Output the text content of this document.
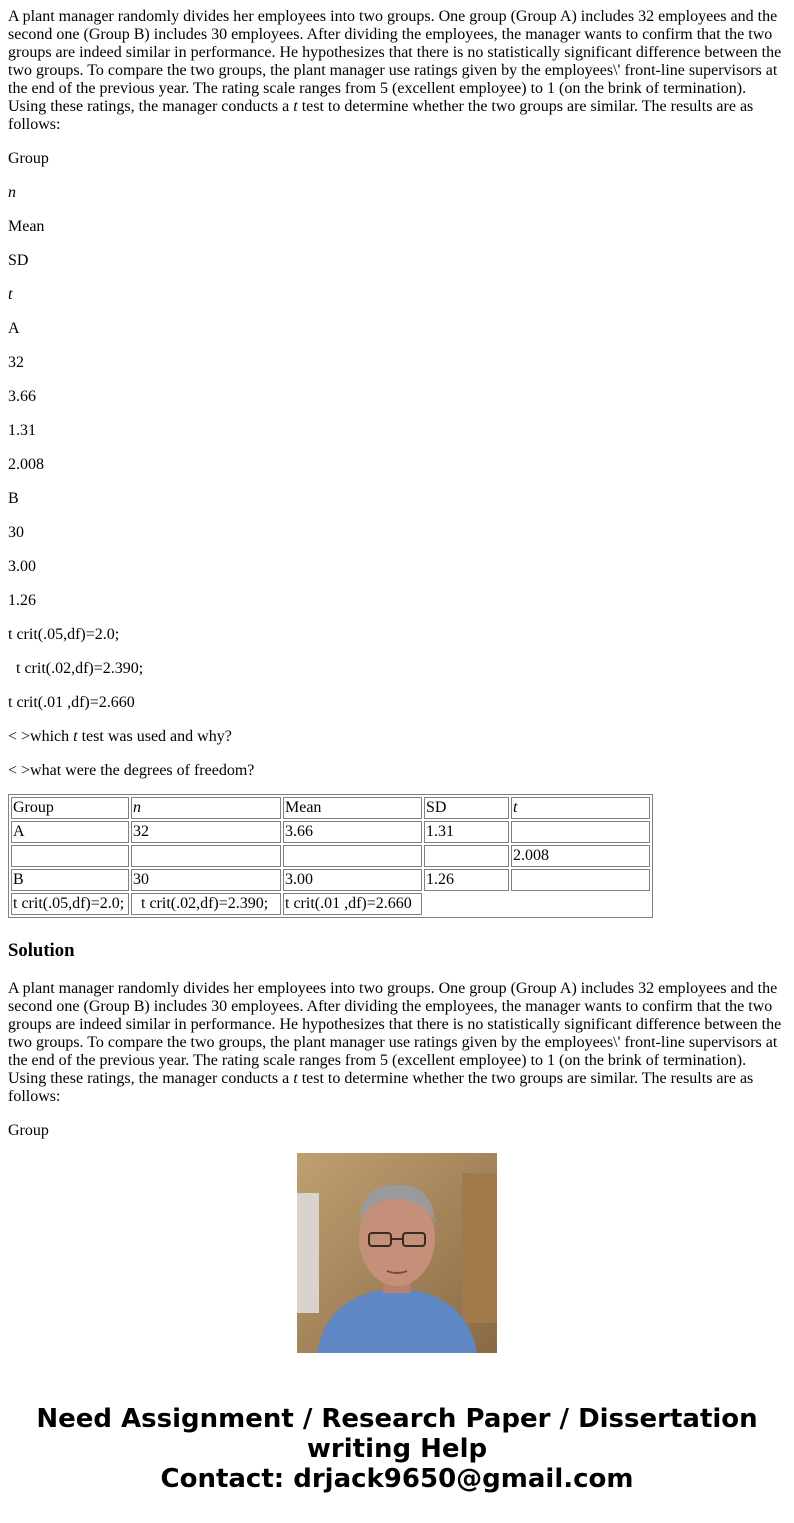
A plant manager randomly divides her employees into two groups. One group (Group A) includes 32 employees and the second one (Group B) includes 30 employees. After dividing the employees, the manager wants to confirm that the two groups are indeed similar in performance. He hypothesizes that there is no statistically significant difference between the two groups. To compare the two groups, the plant manager use ratings given by the employees\' front-line supervisors at the end of the previous year. The rating scale ranges from 5 (excellent employee) to 1 (on the brink of termination). Using these ratings, the manager conducts a t test to determine whether the two groups are similar. The results are as follows:

Group
n
Mean
SD
t
A
32
3.66
1.31
2.008
B
30
3.00
1.26
t crit(.05,df)=2.0;
t crit(.02,df)=2.390;
t crit(.01 ,df)=2.660
< >which t test was used and why?
< >what were the degrees of freedom?
Group	n	Mean	SD	t
A	32	3.66	1.31	
				2.008
B	30	3.00	1.26	
t crit(.05,df)=2.0;	t crit(.02,df)=2.390;	t crit(.01 ,df)=2.660		
Solution

A plant manager randomly divides her employees into two groups. One group (Group A) includes 32 employees and the second one (Group B) includes 30 employees. After dividing the employees, the manager wants to confirm that the two groups are indeed similar in performance. He hypothesizes that there is no statistically significant difference between the two groups. To compare the two groups, the plant manager use ratings given by the employees\' front-line supervisors at the end of the previous year. The rating scale ranges from 5 (excellent employee) to 1 (on the brink of termination). Using these ratings, the manager conducts a t test to determine whether the two groups are similar. The results are as follows:

Group
Need Assignment / Research Paper / Dissertation
writing Help
Contact: drjack9650@gmail.com
